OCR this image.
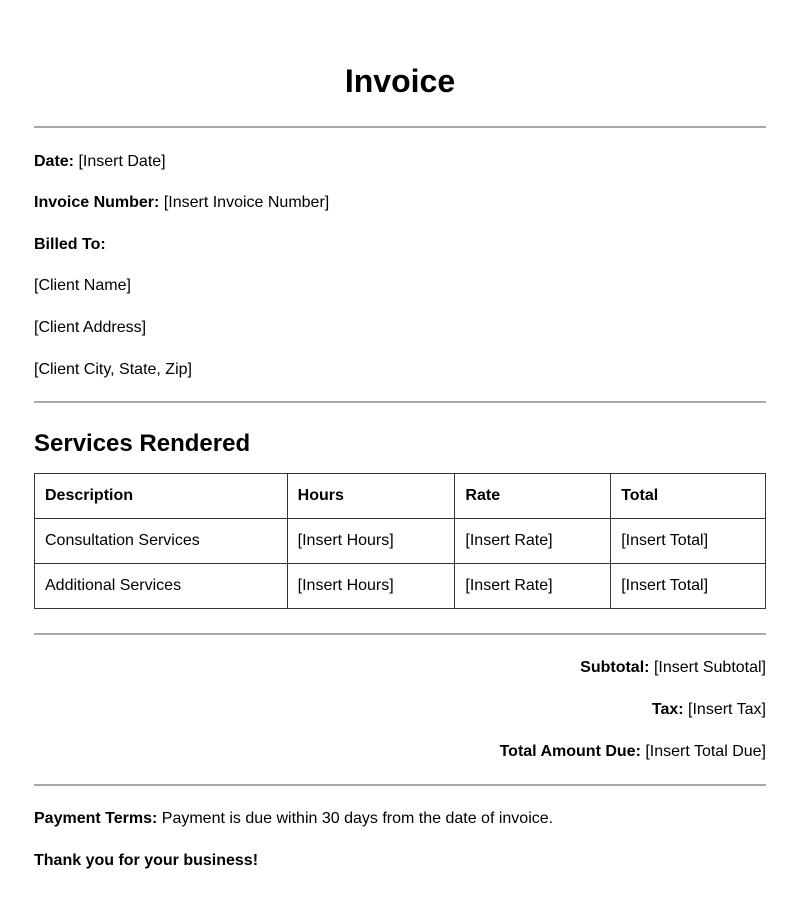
Invoice
Date: [Insert Date]
Invoice Number: [Insert Invoice Number]
Billed To:
[Client Name]
[Client Address]
[Client City, State, Zip]
Services Rendered
Description	Hours	Rate	Total
Consultation Services	[Insert Hours]	[Insert Rate]	[Insert Total]
Additional Services	[Insert Hours]	[Insert Rate]	[Insert Total]
Subtotal: [Insert Subtotal]
Tax: [Insert Tax]
Total Amount Due: [Insert Total Due]
Payment Terms: Payment is due within 30 days from the date of invoice.
Thank you for your business!
